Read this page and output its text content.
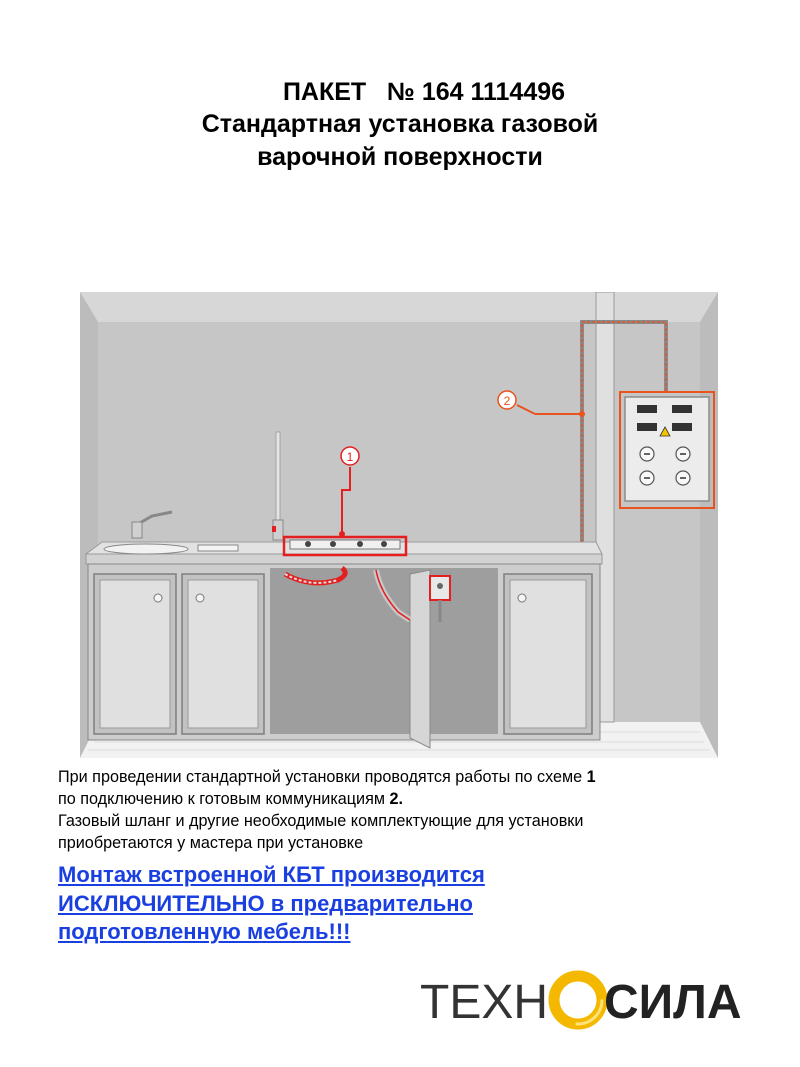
ПАКЕТ   № 164 1114496
Стандартная установка газовой
варочной поверхности
2
1

При проведении стандартной установки проводятся работы по схеме 1

по подключению к готовым коммуникациям 2.

Газовый шланг и другие необходимые комплектующие для установки

приобретаются у мастера при установке

Монтаж встроенной КБТ производится
ИСКЛЮЧИТЕЛЬНО в предварительно
подготовленную мебель!!!
ТЕХН СИЛА
